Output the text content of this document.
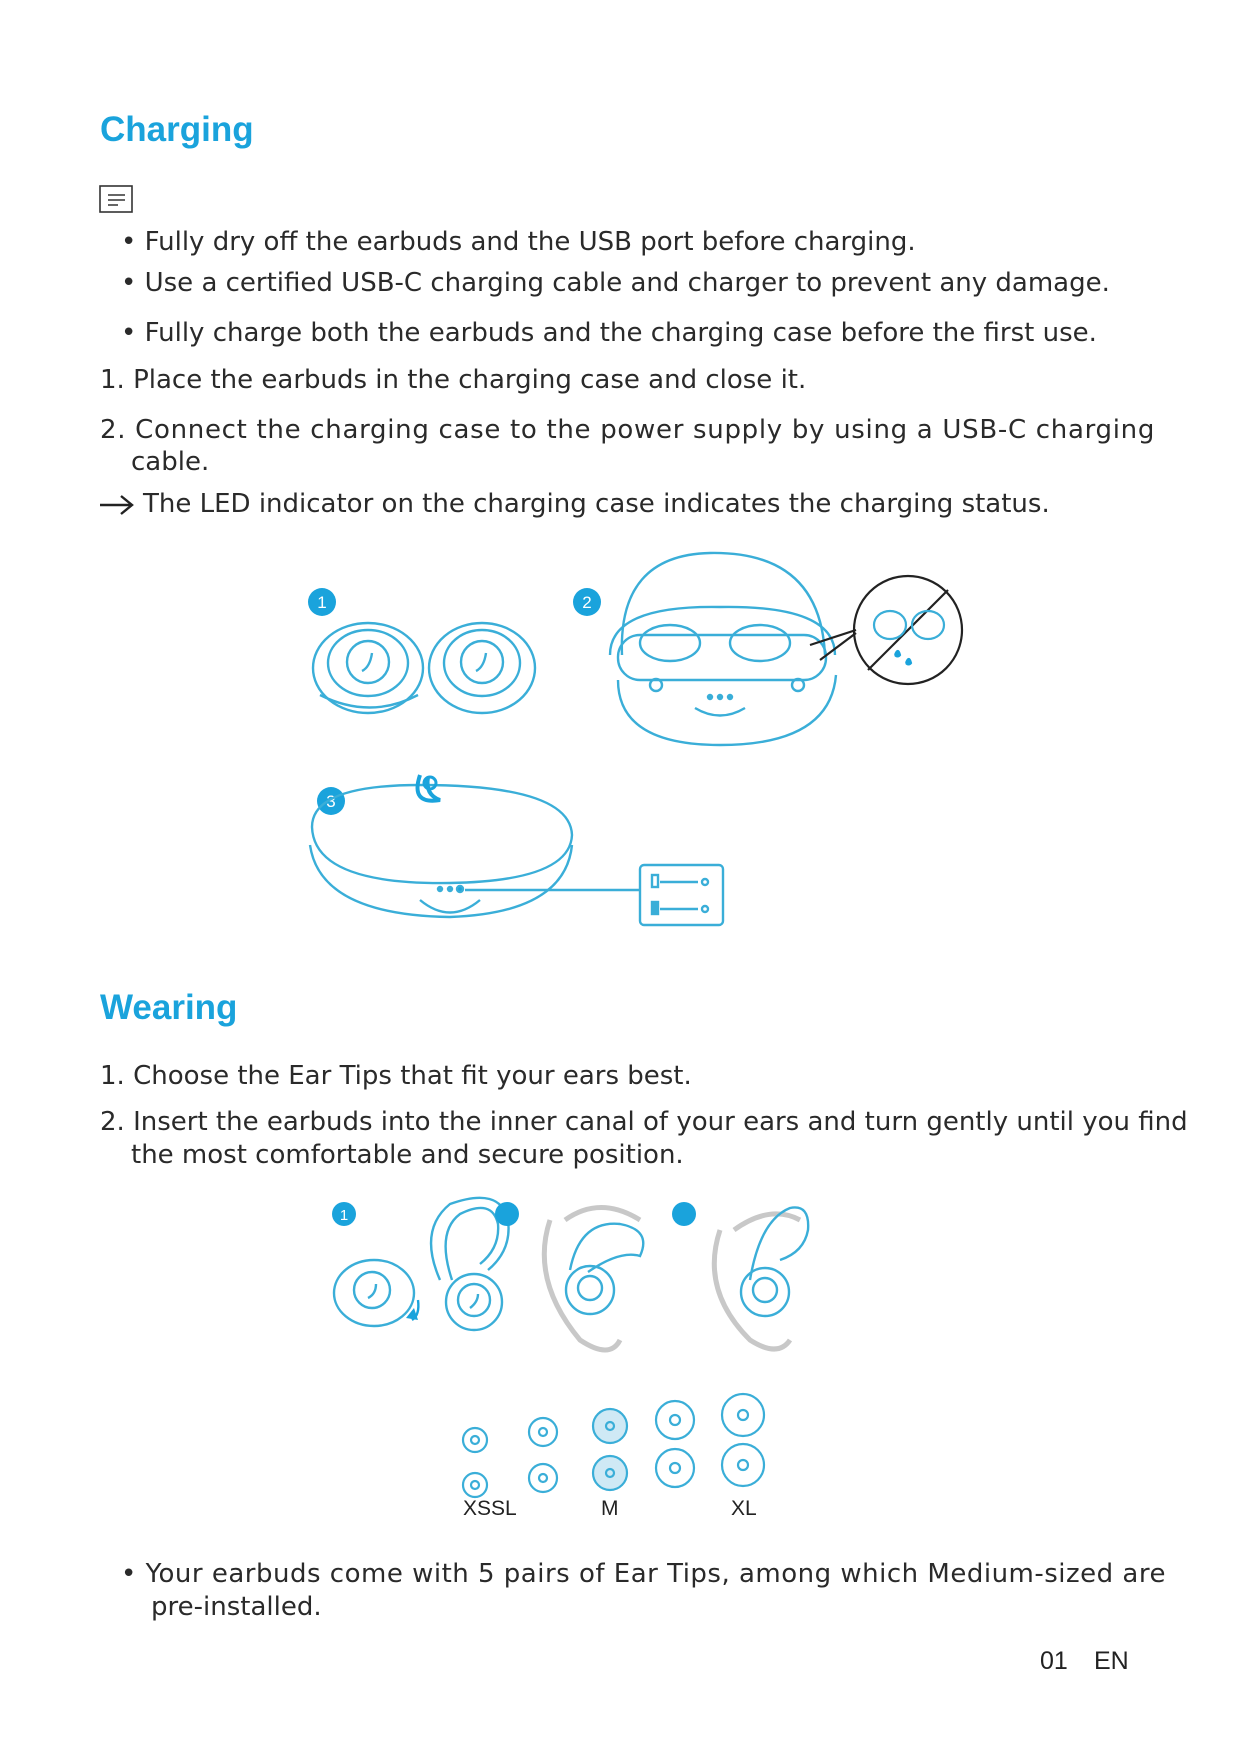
Charging
• Fully dry off the earbuds and the USB port before charging.
• Use a certified USB-C charging cable and charger to prevent any damage.
• Fully charge both the earbuds and the charging case before the first use.
1. Place the earbuds in the charging case and close it.
2. Connect the charging case to the power supply by using a USB-C charging
cable.
The LED indicator on the charging case indicates the charging status.
1	2
3
Wearing
1. Choose the Ear Tips that fit your ears best.
2. Insert the earbuds into the inner canal of your ears and turn gently until you find
the most comfortable and secure position.
1
XSSL	M	XL
• Your earbuds come with 5 pairs of Ear Tips, among which Medium-sized are
pre-installed.
01 EN
